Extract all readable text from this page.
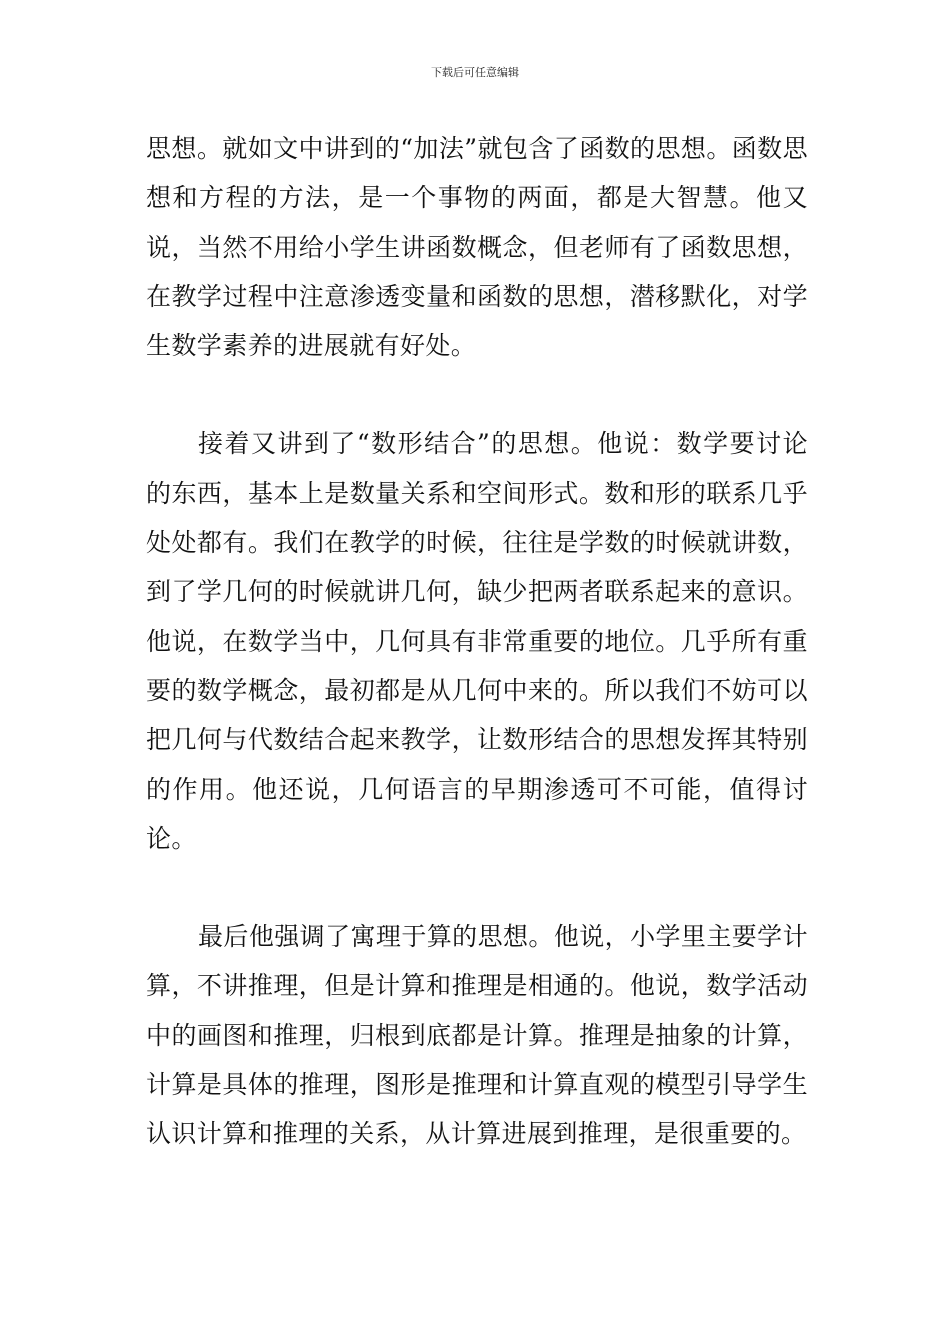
下载后可任意编辑

思想。就如文中讲到的“加法”就包含了函数的思想。函数思想和方程的方法，是一个事物的两面，都是大智慧。他又说，当然不用给小学生讲函数概念，但老师有了函数思想，在教学过程中注意渗透变量和函数的思想，潜移默化，对学生数学素养的进展就有好处。

接着又讲到了“数形结合”的思想。他说：数学要讨论的东西，基本上是数量关系和空间形式。数和形的联系几乎处处都有。我们在教学的时候，往往是学数的时候就讲数，到了学几何的时候就讲几何，缺少把两者联系起来的意识。他说，在数学当中，几何具有非常重要的地位。几乎所有重要的数学概念，最初都是从几何中来的。所以我们不妨可以把几何与代数结合起来教学，让数形结合的思想发挥其特别的作用。他还说，几何语言的早期渗透可不可能，值得讨论。

最后他强调了寓理于算的思想。他说，小学里主要学计算，不讲推理，但是计算和推理是相通的。他说，数学活动中的画图和推理，归根到底都是计算。推理是抽象的计算，计算是具体的推理，图形是推理和计算直观的模型引导学生认识计算和推理的关系，从计算进展到推理，是很重要的。
